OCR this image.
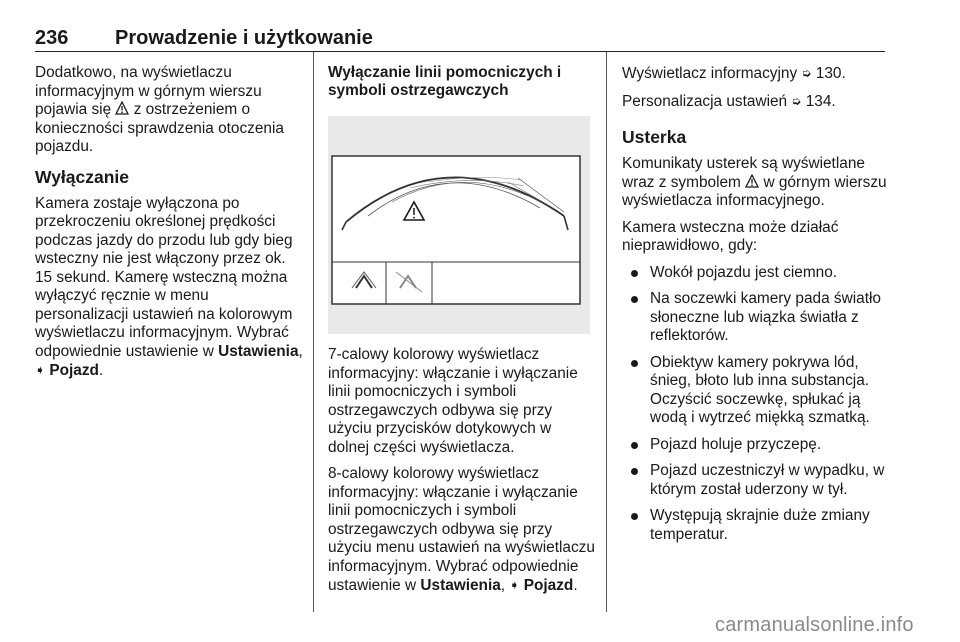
236 Prowadzenie i użytkowanie

Dodatkowo, na wyświetlaczu informacyjnym w górnym wierszu pojawia się
z ostrzeżeniem o konieczności sprawdzenia otoczenia pojazdu.

Wyłączanie

Kamera zostaje wyłączona po przekroczeniu określonej prędkości podczas jazdy do przodu lub gdy bieg wsteczny nie jest włączony przez ok. 15 sekund. Kamerę wsteczną można wyłączyć ręcznie w menu personalizacji ustawień na kolorowym wyświetlaczu informacyjnym. Wybrać odpowiednie ustawienie w Ustawienia, ➧ Pojazd.

Wyłączanie linii pomocniczych i symboli ostrzegawczych

7-calowy kolorowy wyświetlacz informacyjny: włączanie i wyłączanie linii pomocniczych i symboli ostrzegawczych odbywa się przy użyciu przycisków dotykowych w dolnej części wyświetlacza.

8-calowy kolorowy wyświetlacz informacyjny: włączanie i wyłączanie linii pomocniczych i symboli ostrzegawczych odbywa się przy użyciu menu ustawień na wyświetlaczu informacyjnym. Wybrać odpowiednie ustawienie w Ustawienia, ➧ Pojazd.

Wyświetlacz informacyjny ➭ 130.

Personalizacja ustawień ➭ 134.

Usterka

Komunikaty usterek są wyświetlane wraz z symbolem
w górnym wierszu wyświetlacza informacyjnego.

Kamera wsteczna może działać nieprawidłowo, gdy:

Wokół pojazdu jest ciemno.
Na soczewki kamery pada światło słoneczne lub wiązka światła z reflektorów.
Obiektyw kamery pokrywa lód, śnieg, błoto lub inna substancja. Oczyścić soczewkę, spłukać ją wodą i wytrzeć miękką szmatką.
Pojazd holuje przyczepę.
Pojazd uczestniczył w wypadku, w którym został uderzony w tył.
Występują skrajnie duże zmiany temperatur.
carmanualsonline.info
